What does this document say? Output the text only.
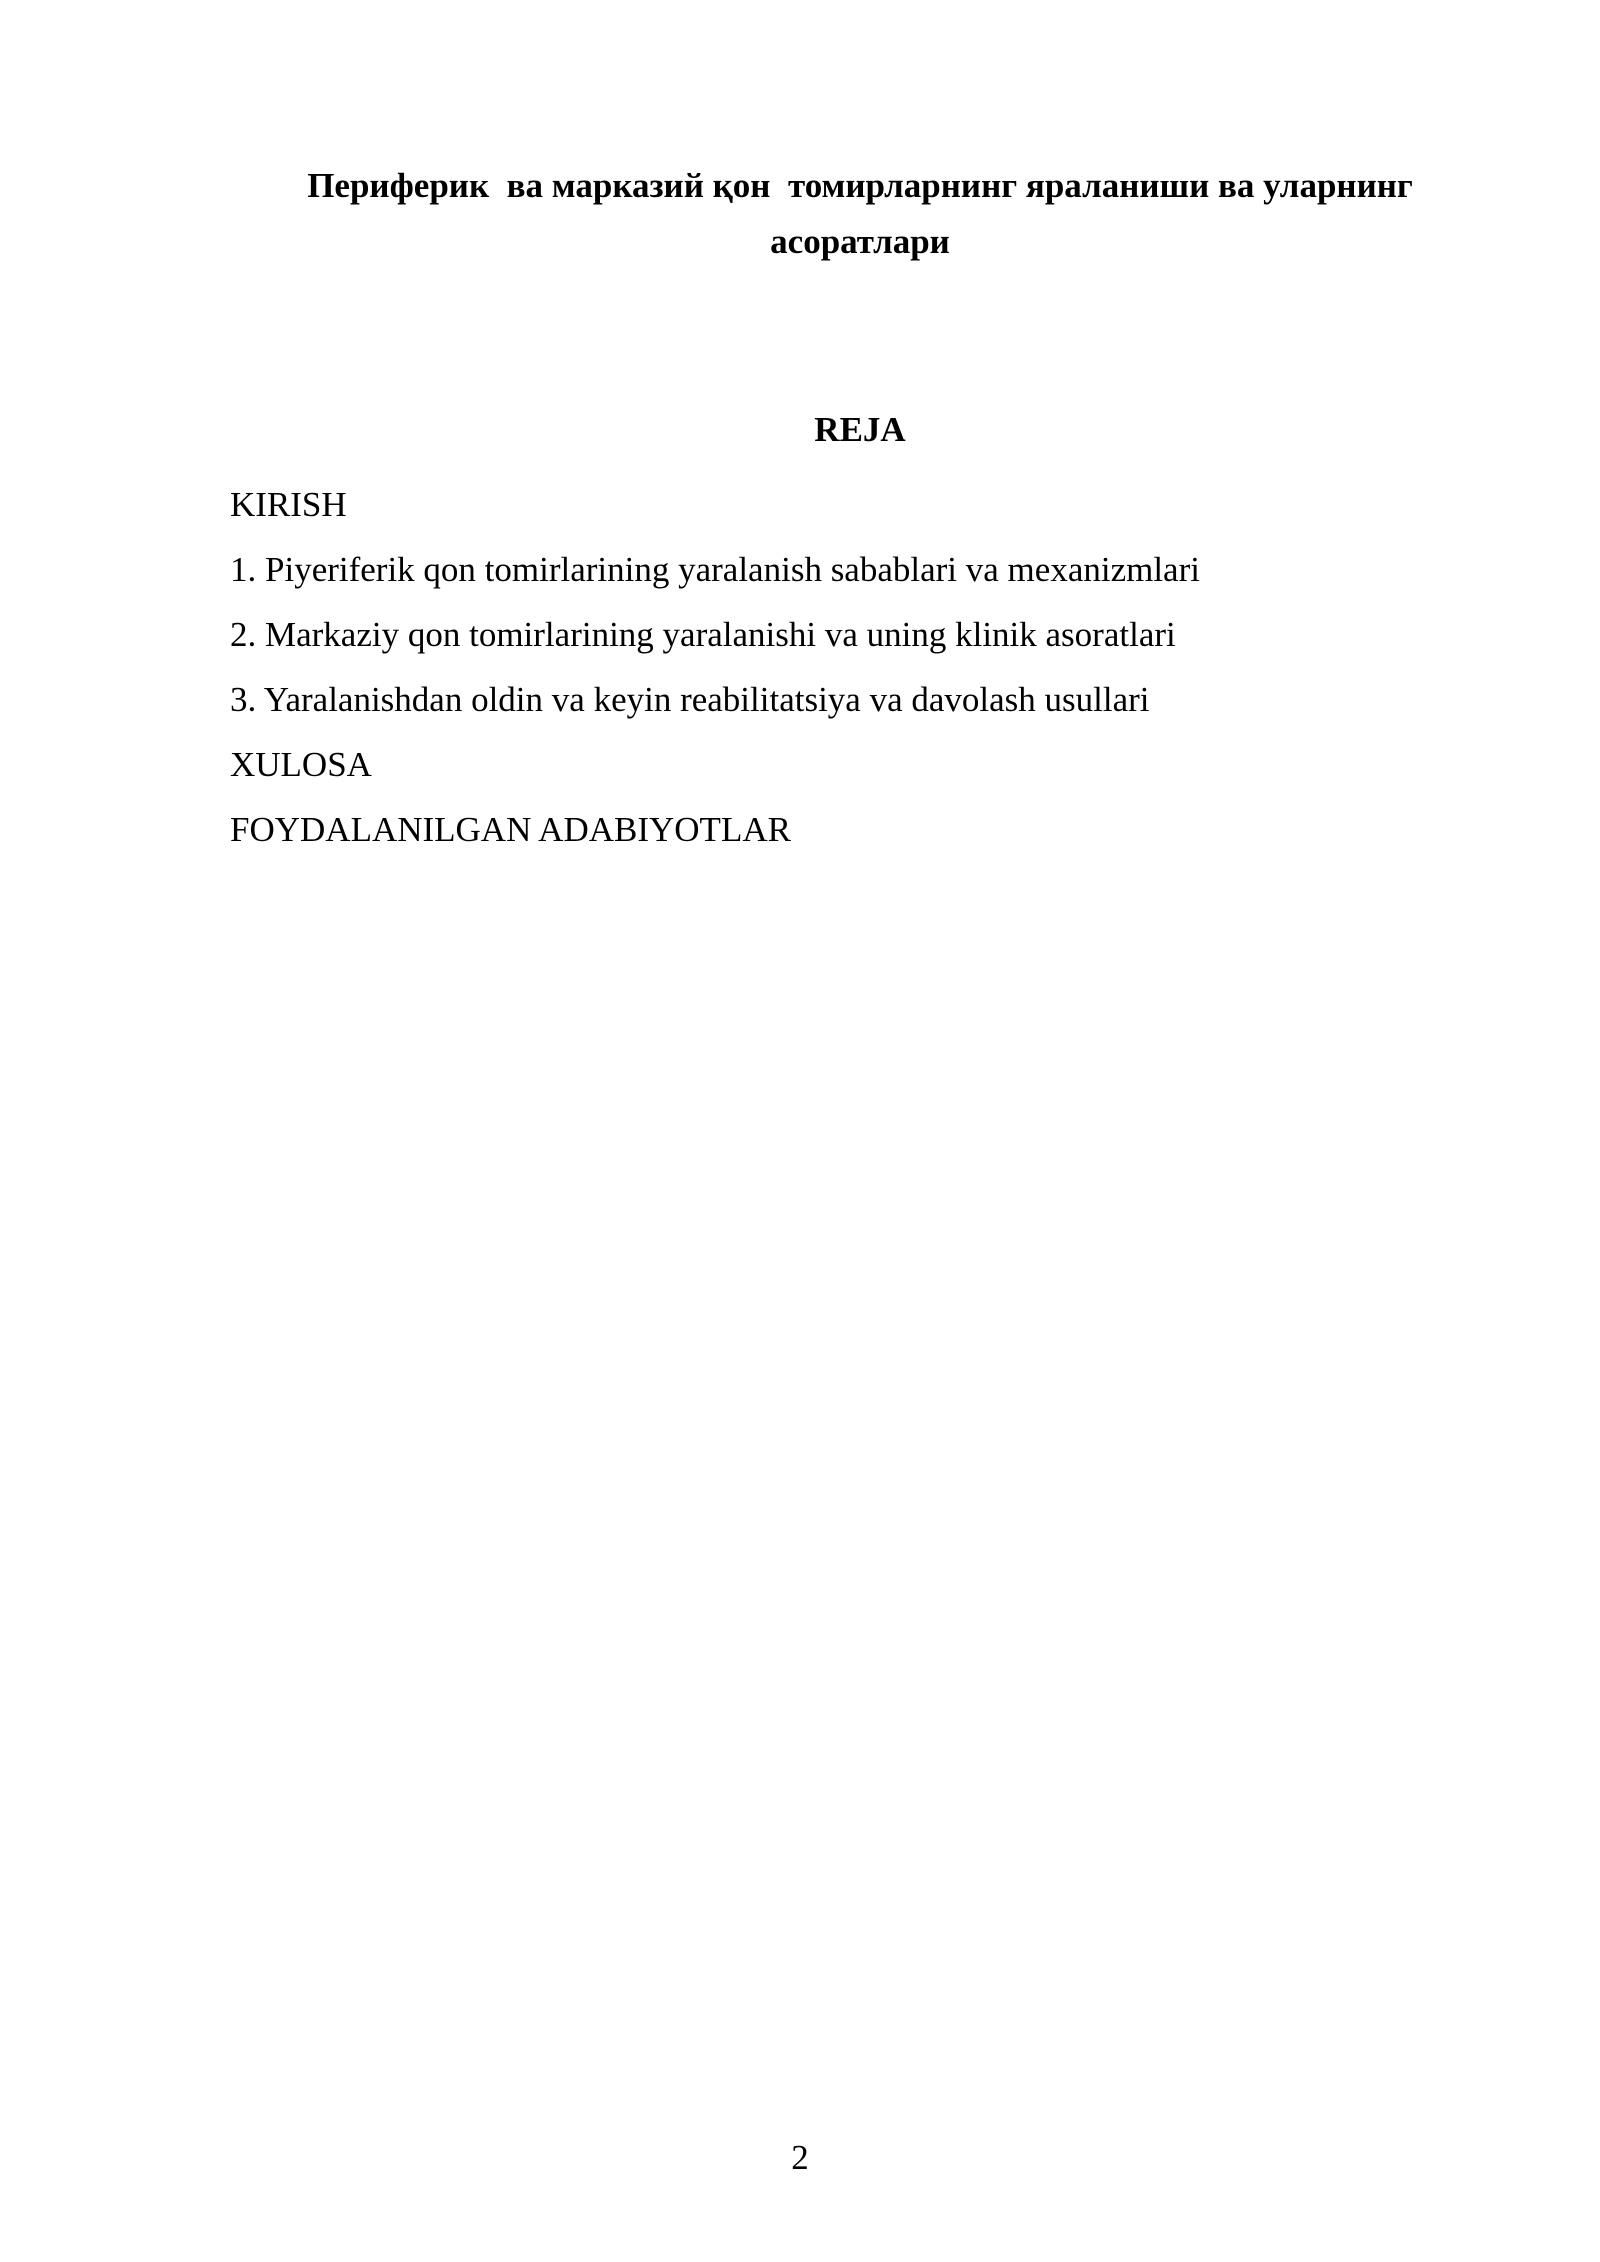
Периферик  ва марказий қон  томирларнинг яраланиши ва уларнинг
асоратлари
REJA
KIRISH
1. Piyeriferik qon tomirlarining yaralanish sabablari va mexanizmlari
2. Markaziy qon tomirlarining yaralanishi va uning klinik asoratlari
3. Yaralanishdan oldin va keyin reabilitatsiya va davolash usullari
XULOSA
FOYDALANILGAN ADABIYOTLAR
2
